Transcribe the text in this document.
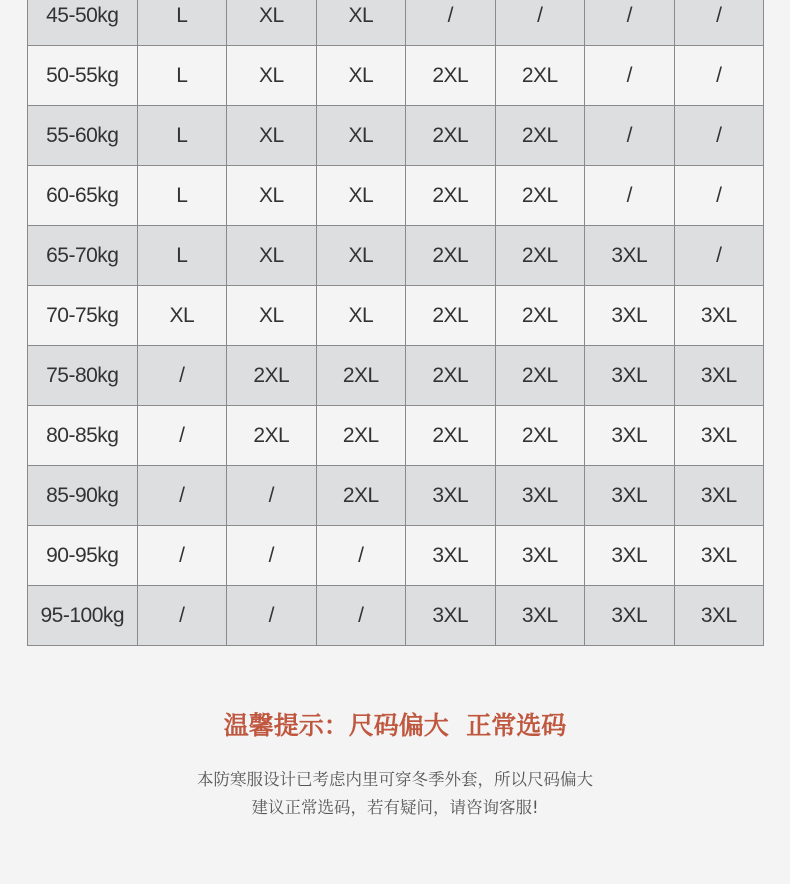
45-50kg	L	XL	XL	/	/	/	/
50-55kg	L	XL	XL	2XL	2XL	/	/
55-60kg	L	XL	XL	2XL	2XL	/	/
60-65kg	L	XL	XL	2XL	2XL	/	/
65-70kg	L	XL	XL	2XL	2XL	3XL	/
70-75kg	XL	XL	XL	2XL	2XL	3XL	3XL
75-80kg	/	2XL	2XL	2XL	2XL	3XL	3XL
80-85kg	/	2XL	2XL	2XL	2XL	3XL	3XL
85-90kg	/	/	2XL	3XL	3XL	3XL	3XL
90-95kg	/	/	/	3XL	3XL	3XL	3XL
95-100kg	/	/	/	3XL	3XL	3XL	3XL
温馨提示：尺码偏大  正常选码
本防寒服设计已考虑内里可穿冬季外套，所以尺码偏大
建议正常选码，若有疑问，请咨询客服!
